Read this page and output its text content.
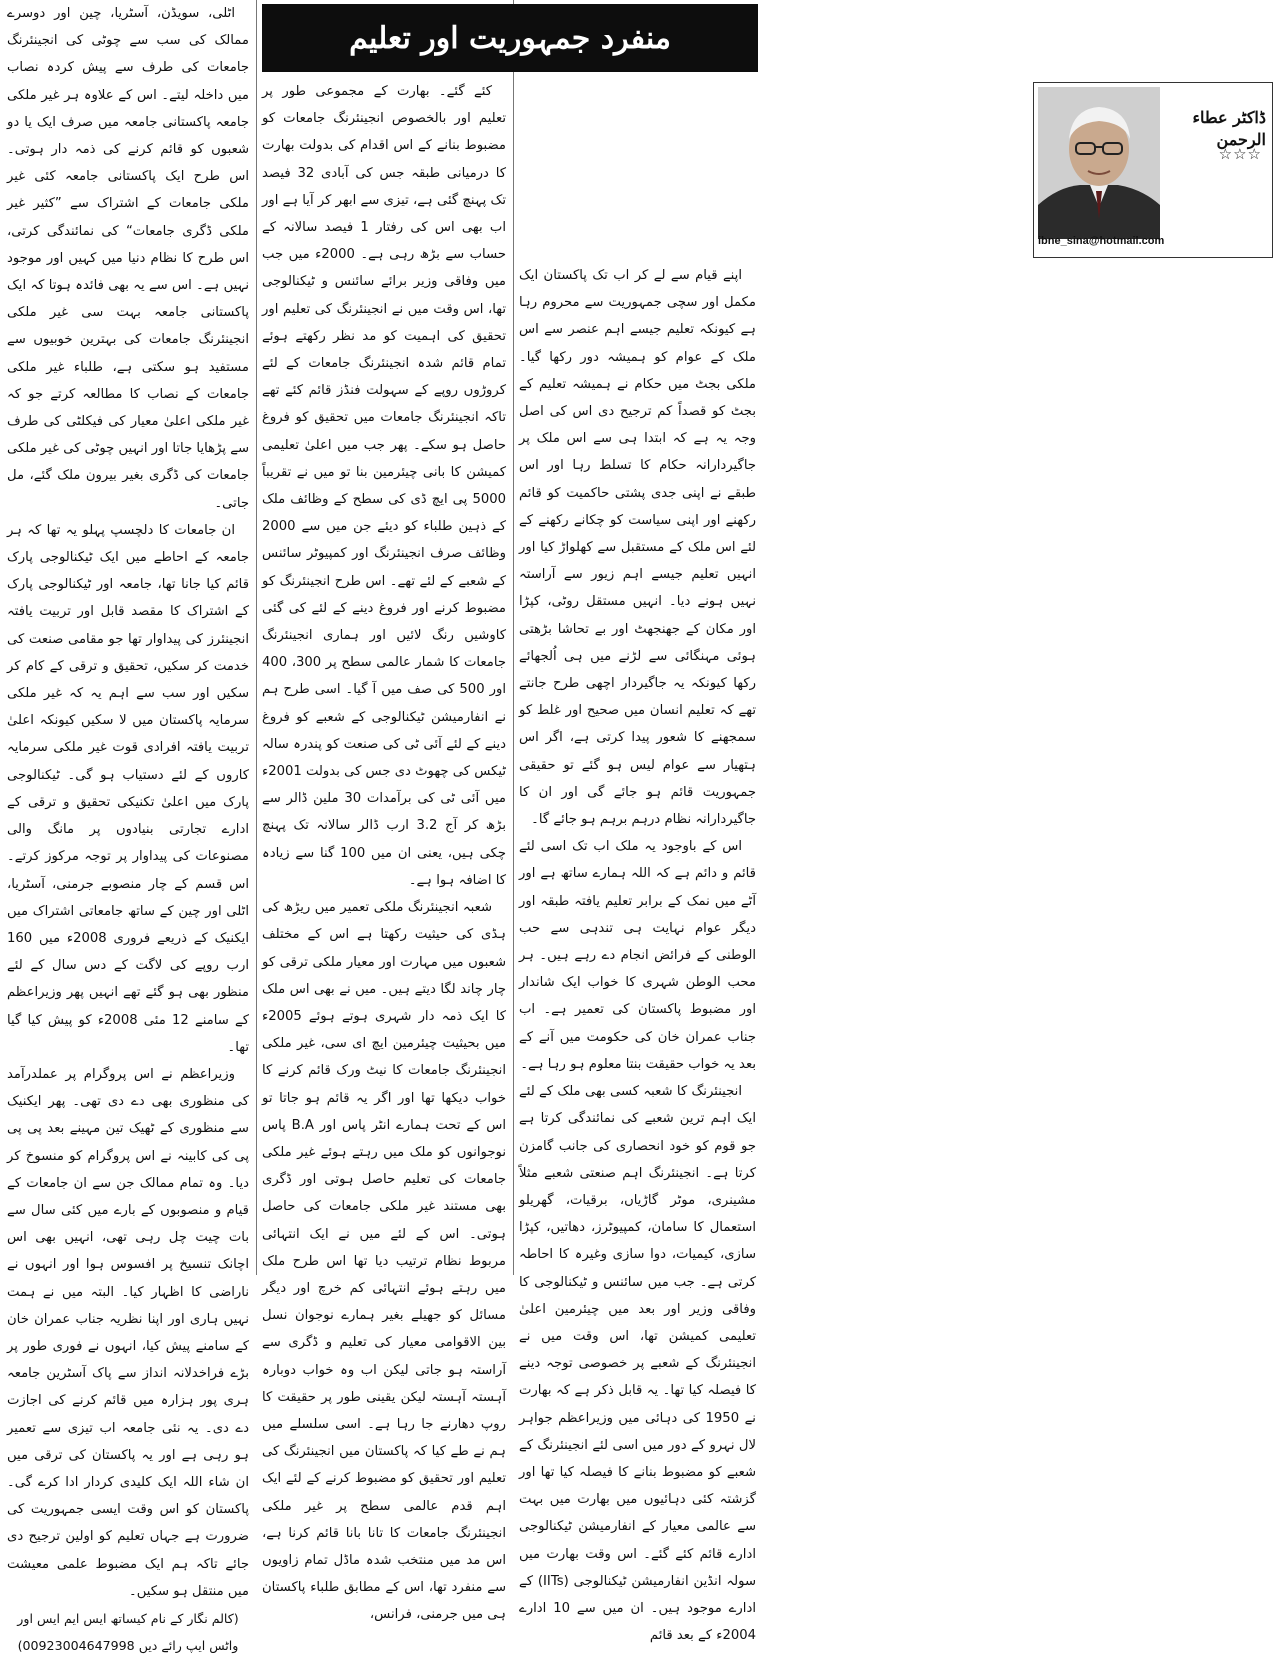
منفرد جمہوریت اور تعلیم
ڈاکٹر عطاء الرحمن
☆☆☆
ibne_sina@hotmail.com

اپنے قیام سے لے کر اب تک پاکستان ایک مکمل اور سچی جمہوریت سے محروم رہا ہے کیونکہ تعلیم جیسے اہم عنصر سے اس ملک کے عوام کو ہمیشہ دور رکھا گیا۔ ملکی بجٹ میں حکام نے ہمیشہ تعلیم کے بجٹ کو قصداً کم ترجیح دی اس کی اصل وجہ یہ ہے کہ ابتدا ہی سے اس ملک پر جاگیردارانہ حکام کا تسلط رہا اور اس طبقے نے اپنی جدی پشتی حاکمیت کو قائم رکھنے اور اپنی سیاست کو چکانے رکھنے کے لئے اس ملک کے مستقبل سے کھلواڑ کیا اور انہیں تعلیم جیسے اہم زیور سے آراستہ نہیں ہونے دیا۔ انہیں مستقل روٹی، کپڑا اور مکان کے جھنجھٹ اور بے تحاشا بڑھتی ہوئی مہنگائی سے لڑنے میں ہی اُلجھائے رکھا کیونکہ یہ جاگیردار اچھی طرح جانتے تھے کہ تعلیم انسان میں صحیح اور غلط کو سمجھنے کا شعور پیدا کرتی ہے، اگر اس ہتھیار سے عوام لیس ہو گئے تو حقیقی جمہوریت قائم ہو جائے گی اور ان کا جاگیردارانہ نظام درہم برہم ہو جائے گا۔

اس کے باوجود یہ ملک اب تک اسی لئے قائم و دائم ہے کہ اللہ ہمارے ساتھ ہے اور آٹے میں نمک کے برابر تعلیم یافتہ طبقہ اور دیگر عوام نہایت ہی تندہی سے حب الوطنی کے فرائض انجام دے رہے ہیں۔ ہر محب الوطن شہری کا خواب ایک شاندار اور مضبوط پاکستان کی تعمیر ہے۔ اب جناب عمران خان کی حکومت میں آنے کے بعد یہ خواب حقیقت بنتا معلوم ہو رہا ہے۔

انجینئرنگ کا شعبہ کسی بھی ملک کے لئے ایک اہم ترین شعبے کی نمائندگی کرتا ہے جو قوم کو خود انحصاری کی جانب گامزن کرتا ہے۔ انجینئرنگ اہم صنعتی شعبے مثلاً مشینری، موٹر گاڑیاں، برقیات، گھریلو استعمال کا سامان، کمپیوٹرز، دھاتیں، کپڑا سازی، کیمیات، دوا سازی وغیرہ کا احاطہ کرتی ہے۔ جب میں سائنس و ٹیکنالوجی کا وفاقی وزیر اور بعد میں چیئرمین اعلیٰ تعلیمی کمیشن تھا، اس وقت میں نے انجینئرنگ کے شعبے پر خصوصی توجہ دینے کا فیصلہ کیا تھا۔ یہ قابل ذکر ہے کہ بھارت نے 1950 کی دہائی میں وزیراعظم جواہر لال نہرو کے دور میں اسی لئے انجینئرنگ کے شعبے کو مضبوط بنانے کا فیصلہ کیا تھا اور گزشتہ کئی دہائیوں میں بھارت میں بہت سے عالمی معیار کے انفارمیشن ٹیکنالوجی ادارے قائم کئے گئے۔ اس وقت بھارت میں سولہ انڈین انفارمیشن ٹیکنالوجی (IITs) کے ادارے موجود ہیں۔ ان میں سے 10 ادارے 2004ء کے بعد قائم

کئے گئے۔ بھارت کے مجموعی طور پر تعلیم اور بالخصوص انجینئرنگ جامعات کو مضبوط بنانے کے اس اقدام کی بدولت بھارت کا درمیانی طبقہ جس کی آبادی 32 فیصد تک پہنچ گئی ہے، تیزی سے ابھر کر آیا ہے اور اب بھی اس کی رفتار 1 فیصد سالانہ کے حساب سے بڑھ رہی ہے۔ 2000ء میں جب میں وفاقی وزیر برائے سائنس و ٹیکنالوجی تھا، اس وقت میں نے انجینئرنگ کی تعلیم اور تحقیق کی اہمیت کو مد نظر رکھتے ہوئے تمام قائم شدہ انجینئرنگ جامعات کے لئے کروڑوں روپے کے سہولت فنڈز قائم کئے تھے تاکہ انجینئرنگ جامعات میں تحقیق کو فروغ حاصل ہو سکے۔ پھر جب میں اعلیٰ تعلیمی کمیشن کا بانی چیئرمین بنا تو میں نے تقریباً 5000 پی ایچ ڈی کی سطح کے وظائف ملک کے ذہین طلباء کو دیئے جن میں سے 2000 وظائف صرف انجینئرنگ اور کمپیوٹر سائنس کے شعبے کے لئے تھے۔ اس طرح انجینئرنگ کو مضبوط کرنے اور فروغ دینے کے لئے کی گئی کاوشیں رنگ لائیں اور ہماری انجینئرنگ جامعات کا شمار عالمی سطح پر 300، 400 اور 500 کی صف میں آ گیا۔ اسی طرح ہم نے انفارمیشن ٹیکنالوجی کے شعبے کو فروغ دینے کے لئے آئی ٹی کی صنعت کو پندرہ سالہ ٹیکس کی چھوٹ دی جس کی بدولت 2001ء میں آئی ٹی کی برآمدات 30 ملین ڈالر سے بڑھ کر آج 3.2 ارب ڈالر سالانہ تک پہنچ چکی ہیں، یعنی ان میں 100 گنا سے زیادہ کا اضافہ ہوا ہے۔

شعبہ انجینئرنگ ملکی تعمیر میں ریڑھ کی ہڈی کی حیثیت رکھتا ہے اس کے مختلف شعبوں میں مہارت اور معیار ملکی ترقی کو چار چاند لگا دیتے ہیں۔ میں نے بھی اس ملک کا ایک ذمہ دار شہری ہوتے ہوئے 2005ء میں بحیثیت چیئرمین ایچ ای سی، غیر ملکی انجینئرنگ جامعات کا نیٹ ورک قائم کرنے کا خواب دیکھا تھا اور اگر یہ قائم ہو جاتا تو اس کے تحت ہمارے انٹر پاس اور B.A پاس نوجوانوں کو ملک میں رہتے ہوئے غیر ملکی جامعات کی تعلیم حاصل ہوتی اور ڈگری بھی مستند غیر ملکی جامعات کی حاصل ہوتی۔ اس کے لئے میں نے ایک انتہائی مربوط نظام ترتیب دیا تھا اس طرح ملک میں رہتے ہوئے انتہائی کم خرچ اور دیگر مسائل کو جھیلے بغیر ہمارے نوجوان نسل بین الاقوامی معیار کی تعلیم و ڈگری سے آراستہ ہو جاتی لیکن اب وہ خواب دوبارہ آہستہ آہستہ لیکن یقینی طور پر حقیقت کا روپ دھارنے جا رہا ہے۔ اسی سلسلے میں ہم نے طے کیا کہ پاکستان میں انجینئرنگ کی تعلیم اور تحقیق کو مضبوط کرنے کے لئے ایک اہم قدم عالمی سطح پر غیر ملکی انجینئرنگ جامعات کا تانا بانا قائم کرنا ہے، اس مد میں منتخب شدہ ماڈل تمام زاویوں سے منفرد تھا، اس کے مطابق طلباء پاکستان ہی میں جرمنی، فرانس،

اٹلی، سویڈن، آسٹریا، چین اور دوسرے ممالک کی سب سے چوٹی کی انجینئرنگ جامعات کی طرف سے پیش کردہ نصاب میں داخلہ لیتے۔ اس کے علاوہ ہر غیر ملکی جامعہ پاکستانی جامعہ میں صرف ایک یا دو شعبوں کو قائم کرنے کی ذمہ دار ہوتی۔ اس طرح ایک پاکستانی جامعہ کئی غیر ملکی جامعات کے اشتراک سے ”کثیر غیر ملکی ڈگری جامعات“ کی نمائندگی کرتی، اس طرح کا نظام دنیا میں کہیں اور موجود نہیں ہے۔ اس سے یہ بھی فائدہ ہوتا کہ ایک پاکستانی جامعہ بہت سی غیر ملکی انجینئرنگ جامعات کی بہترین خوبیوں سے مستفید ہو سکتی ہے، طلباء غیر ملکی جامعات کے نصاب کا مطالعہ کرتے جو کہ غیر ملکی اعلیٰ معیار کی فیکلٹی کی طرف سے پڑھایا جاتا اور انہیں چوٹی کی غیر ملکی جامعات کی ڈگری بغیر بیرون ملک گئے، مل جاتی۔

ان جامعات کا دلچسپ پہلو یہ تھا کہ ہر جامعہ کے احاطے میں ایک ٹیکنالوجی پارک قائم کیا جانا تھا، جامعہ اور ٹیکنالوجی پارک کے اشتراک کا مقصد قابل اور تربیت یافتہ انجینئرز کی پیداوار تھا جو مقامی صنعت کی خدمت کر سکیں، تحقیق و ترقی کے کام کر سکیں اور سب سے اہم یہ کہ غیر ملکی سرمایہ پاکستان میں لا سکیں کیونکہ اعلیٰ تربیت یافتہ افرادی قوت غیر ملکی سرمایہ کاروں کے لئے دستیاب ہو گی۔ ٹیکنالوجی پارک میں اعلیٰ تکنیکی تحقیق و ترقی کے ادارے تجارتی بنیادوں پر مانگ والی مصنوعات کی پیداوار پر توجہ مرکوز کرتے۔ اس قسم کے چار منصوبے جرمنی، آسٹریا، اٹلی اور چین کے ساتھ جامعاتی اشتراک میں ایکنیک کے ذریعے فروری 2008ء میں 160 ارب روپے کی لاگت کے دس سال کے لئے منظور بھی ہو گئے تھے انہیں پھر وزیراعظم کے سامنے 12 مئی 2008ء کو پیش کیا گیا تھا۔

وزیراعظم نے اس پروگرام پر عملدرآمد کی منظوری بھی دے دی تھی۔ پھر ایکنیک سے منظوری کے ٹھیک تین مہینے بعد پی پی پی کی کابینہ نے اس پروگرام کو منسوخ کر دیا۔ وہ تمام ممالک جن سے ان جامعات کے قیام و منصوبوں کے بارے میں کئی سال سے بات چیت چل رہی تھی، انہیں بھی اس اچانک تنسیخ پر افسوس ہوا اور انہوں نے ناراضی کا اظہار کیا۔ البتہ میں نے ہمت نہیں ہاری اور اپنا نظریہ جناب عمران خان کے سامنے پیش کیا، انہوں نے فوری طور پر بڑے فراخدلانہ انداز سے پاک آسٹرین جامعہ ہری پور ہزارہ میں قائم کرنے کی اجازت دے دی۔ یہ نئی جامعہ اب تیزی سے تعمیر ہو رہی ہے اور یہ پاکستان کی ترقی میں ان شاء اللہ ایک کلیدی کردار ادا کرے گی۔ پاکستان کو اس وقت ایسی جمہوریت کی ضرورت ہے جہاں تعلیم کو اولین ترجیح دی جائے تاکہ ہم ایک مضبوط علمی معیشت میں منتقل ہو سکیں۔

(کالم نگار کے نام کیساتھ ایس ایم ایس اور واٹس ایپ رائے دیں 00923004647998)
